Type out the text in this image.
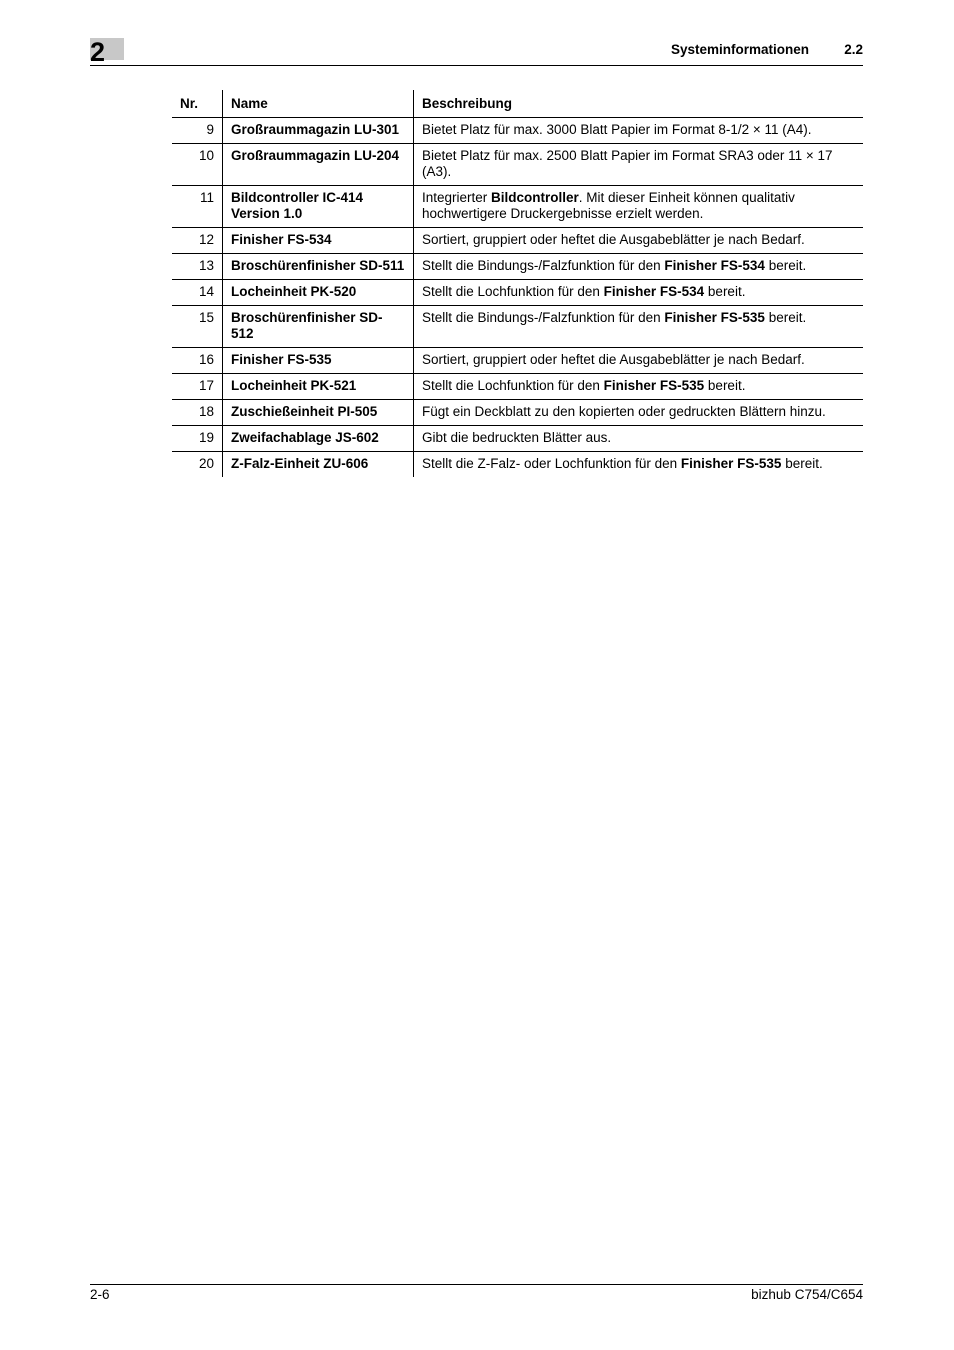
2	Systeminformationen	2.2
Nr.	Name	Beschreibung
9	Großraummagazin LU-301	Bietet Platz für max. 3000 Blatt Papier im Format 8-1/2 × 11 (A4).
10	Großraummagazin LU-204	Bietet Platz für max. 2500 Blatt Papier im Format SRA3 oder 11 × 17 (A3).
11	Bildcontroller IC-414 Version 1.0	Integrierter Bildcontroller. Mit dieser Einheit können qualitativ hochwertigere Druckergebnisse erzielt werden.
12	Finisher FS-534	Sortiert, gruppiert oder heftet die Ausgabeblätter je nach Bedarf.
13	Broschürenfinisher SD-511	Stellt die Bindungs-/Falzfunktion für den Finisher FS-534 bereit.
14	Locheinheit PK-520	Stellt die Lochfunktion für den Finisher FS-534 bereit.
15	Broschürenfinisher SD-512	Stellt die Bindungs-/Falzfunktion für den Finisher FS-535 bereit.
16	Finisher FS-535	Sortiert, gruppiert oder heftet die Ausgabeblätter je nach Bedarf.
17	Locheinheit PK-521	Stellt die Lochfunktion für den Finisher FS-535 bereit.
18	Zuschießeinheit PI-505	Fügt ein Deckblatt zu den kopierten oder gedruckten Blättern hinzu.
19	Zweifachablage JS-602	Gibt die bedruckten Blätter aus.
20	Z-Falz-Einheit ZU-606	Stellt die Z-Falz- oder Lochfunktion für den Finisher FS-535 bereit.
2-6	bizhub C754/C654
